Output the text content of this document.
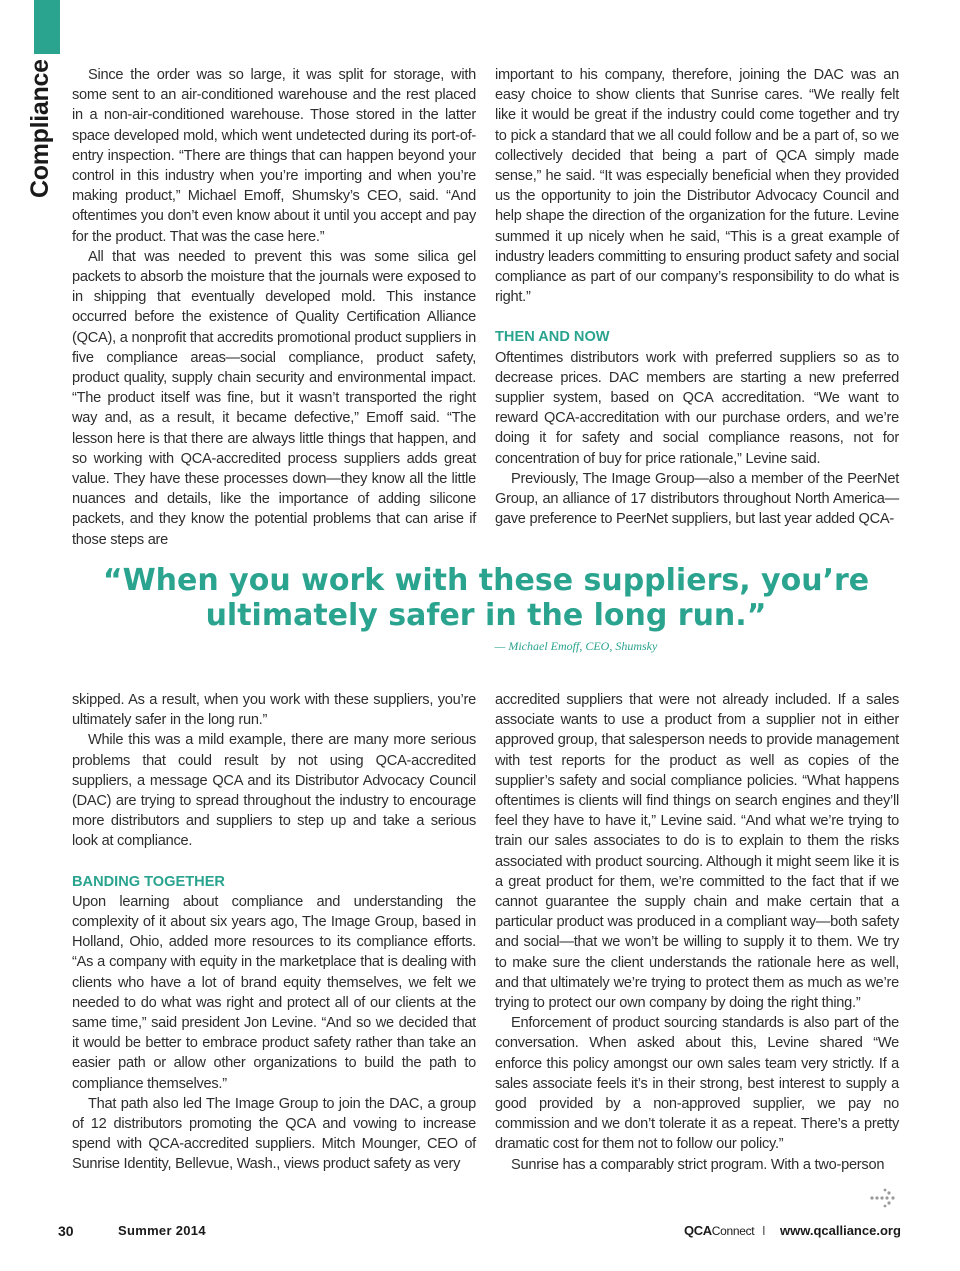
Compliance	Since the order was so large, it was split for storage, with some sent to an air-conditioned warehouse and the rest placed in a non-air-conditioned warehouse. Those stored in the latter space developed mold, which went undetected during its port-of-entry inspection. “There are things that can happen beyond your control in this industry when you’re importing and when you’re making product,” Michael Emoff, Shumsky’s CEO, said. “And oftentimes you don’t even know about it until you accept and pay for the product. That was the case here.”

All that was needed to prevent this was some silica gel packets to absorb the moisture that the journals were exposed to in shipping that eventually developed mold. This instance occurred before the existence of Quality Certification Alliance (QCA), a nonprofit that accredits promotional product suppliers in five compliance areas—social compliance, product safety, product quality, supply chain security and environmental impact. “The product itself was fine, but it wasn’t transported the right way and, as a result, it became defective,” Emoff said. “The lesson here is that there are always little things that happen, and so working with QCA-accredited process suppliers adds great value. They have these processes down—they know all the little nuances and details, like the importance of adding silicone packets, and they know the potential problems that can arise if those steps are

important to his company, therefore, joining the DAC was an easy choice to show clients that Sunrise cares. “We really felt like it would be great if the industry could come together and try to pick a standard that we all could follow and be a part of, so we collectively decided that being a part of QCA simply made sense,” he said. “It was especially beneficial when they provided us the opportunity to join the Distributor Advocacy Council and help shape the direction of the organization for the future. Levine summed it up nicely when he said, “This is a great example of industry leaders committing to ensuring product safety and social compliance as part of our company’s responsibility to do what is right.”

THEN AND NOW

Oftentimes distributors work with preferred suppliers so as to decrease prices. DAC members are starting a new preferred supplier system, based on QCA accreditation. “We want to reward QCA-accreditation with our purchase orders, and we’re doing it for safety and social compliance reasons, not for concentration of buy for price rationale,” Levine said.

Previously, The Image Group—also a member of the PeerNet Group, an alliance of 17 distributors throughout North America—gave preference to PeerNet suppliers, but last year added QCA-

“When you work with these suppliers, you’re
ultimately safer in the long run.”
— Michael Emoff, CEO, Shumsky

skipped. As a result, when you work with these suppliers, you’re ultimately safer in the long run.”

While this was a mild example, there are many more serious problems that could result by not using QCA-accredited suppliers, a message QCA and its Distributor Advocacy Council (DAC) are trying to spread throughout the industry to encourage more distributors and suppliers to step up and take a serious look at compliance.

BANDING TOGETHER

Upon learning about compliance and understanding the complexity of it about six years ago, The Image Group, based in Holland, Ohio, added more resources to its compliance efforts. “As a company with equity in the marketplace that is dealing with clients who have a lot of brand equity themselves, we felt we needed to do what was right and protect all of our clients at the same time,” said president Jon Levine. “And so we decided that it would be better to embrace product safety rather than take an easier path or allow other organizations to build the path to compliance themselves.”

That path also led The Image Group to join the DAC, a group of 12 distributors promoting the QCA and vowing to increase spend with QCA-accredited suppliers. Mitch Mounger, CEO of Sunrise Identity, Bellevue, Wash., views product safety as very

accredited suppliers that were not already included. If a sales associate wants to use a product from a supplier not in either approved group, that salesperson needs to provide management with test reports for the product as well as copies of the supplier’s safety and social compliance policies. “What happens oftentimes is clients will find things on search engines and they’ll feel they have to have it,” Levine said. “And what we’re trying to train our sales associates to do is to explain to them the risks associated with product sourcing. Although it might seem like it is a great product for them, we’re committed to the fact that if we cannot guarantee the supply chain and make certain that a particular product was produced in a compliant way—both safety and social—that we won’t be willing to supply it to them. We try to make sure the client understands the rationale here as well, and that ultimately we’re trying to protect them as much as we’re trying to protect our own company by doing the right thing.”

Enforcement of product sourcing standards is also part of the conversation. When asked about this, Levine shared “We enforce this policy amongst our own sales team very strictly. If a sales associate feels it’s in their strong, best interest to supply a good provided by a non-approved supplier, we pay no commission and we don’t tolerate it as a repeat. There’s a pretty dramatic cost for them not to follow our policy.”

Sunrise has a comparably strict program. With a two-person

30	Summer 2014	QCAConnect I www.qcalliance.org
